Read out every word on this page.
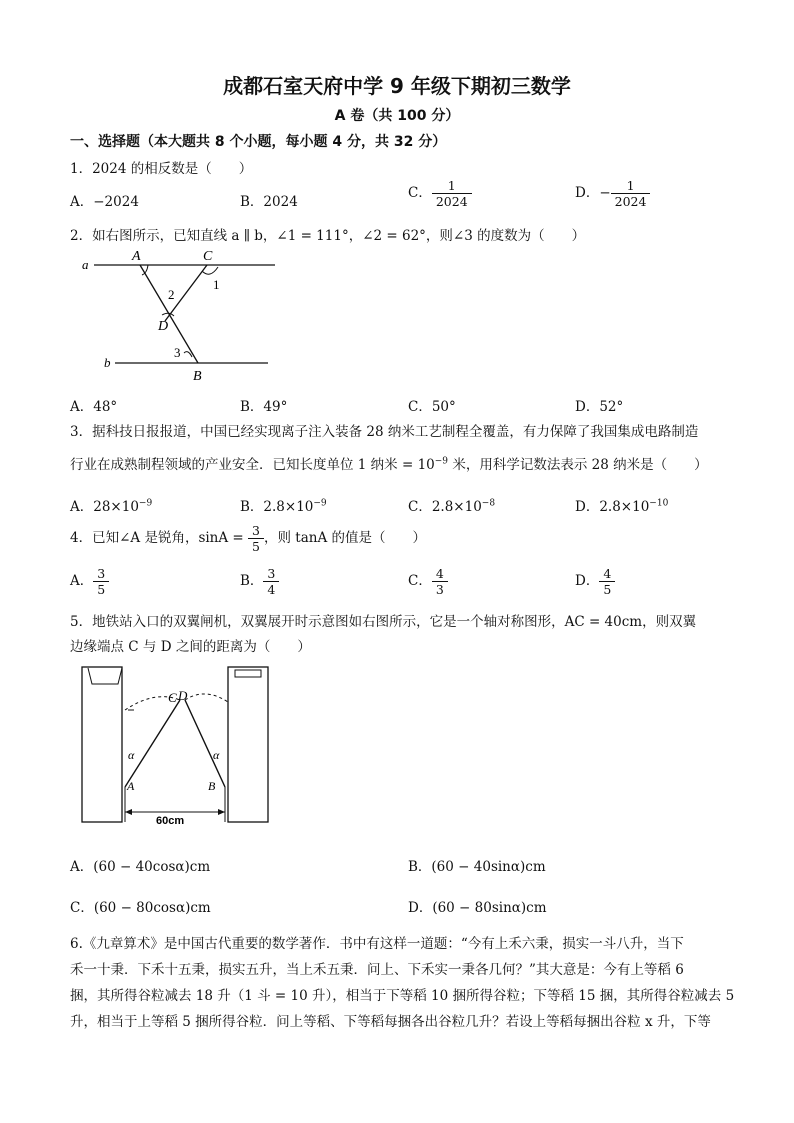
成都石室天府中学 9 年级下期初三数学
A 卷（共 100 分）
一、选择题（本大题共 8 个小题，每小题 4 分，共 32 分）
1．2024 的相反数是（　　）
A．−2024	B．2024
C． $\frac{1}{2024}$	D．− $\frac{1}{2024}$
2．如右图所示，已知直线 a ∥ b，∠1 = 111°，∠2 = 62°，则∠3 的度数为（　　）
a
b
A	C
D
B
1
2
3
A．48°	B．49°	C．50°	D．52°
3．据科技日报报道，中国已经实现离子注入装备 28 纳米工艺制程全覆盖，有力保障了我国集成电路制造
行业在成熟制程领域的产业安全．已知长度单位 1 纳米 = $10^{-9}$ 米，用科学记数法表示 28 纳米是（　　）
A．$28\times 10^{-9}$	B．$2.8\times 10^{-9}$	C．$2.8\times 10^{-8}$	D．$2.8\times 10^{-10}$
4．已知∠A 是锐角，$\sin A = \frac{3}{5}$ ，则 tanA 的值是（　　）
A． $\frac{3}{5}$	B． $\frac{3}{4}$	C． $\frac{4}{3}$	D． $\frac{4}{5}$
5．地铁站入口的双翼闸机，双翼展开时示意图如右图所示，它是一个轴对称图形，AC = 40cm，则双翼
边缘端点 C 与 D 之间的距离为（　　）
α	α
A	B
C D
60cm
A．(60 − 40cosα)cm	B．(60 − 40sinα)cm
C．(60 − 80cosα)cm	D．(60 − 80sinα)cm
6.《九章算术》是中国古代重要的数学著作．书中有这样一道题：“今有上禾六秉，损实一斗八升，当下
禾一十秉．下禾十五秉，损实五升，当上禾五秉．问上、下禾实一秉各几何？”其大意是：今有上等稻 6
捆，其所得谷粒减去 18 升（1 斗 = 10 升），相当于下等稻 10 捆所得谷粒；下等稻 15 捆，其所得谷粒减去 5
升，相当于上等稻 5 捆所得谷粒．问上等稻、下等稻每捆各出谷粒几升？若设上等稻每捆出谷粒 x 升，下等
